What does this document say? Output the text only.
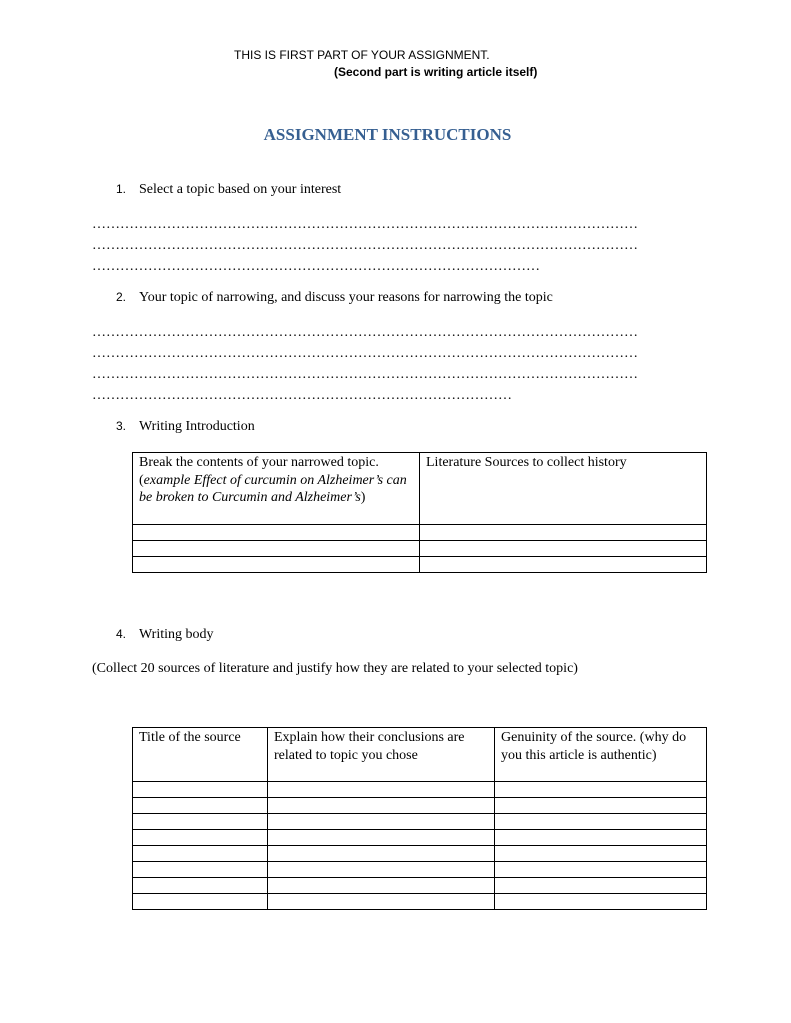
THIS IS FIRST PART OF YOUR ASSIGNMENT.
(Second part is writing article itself)
ASSIGNMENT INSTRUCTIONS
1. Select a topic based on your interest
………………………………………………………………………………………………………
………………………………………………………………………………………………………
……………………………………………………………………………………
2. Your topic of narrowing, and discuss your reasons for narrowing the topic
………………………………………………………………………………………………………
………………………………………………………………………………………………………
………………………………………………………………………………………………………
………………………………………………………………………………
3. Writing Introduction
Break the contents of your narrowed topic. (example Effect of curcumin on Alzheimer’s can be broken to Curcumin and Alzheimer’s)	Literature Sources to collect history

4. Writing body
(Collect 20 sources of literature and justify how they are related to your selected topic)
Title of the source	Explain how their conclusions are related to topic you chose	Genuinity of the source. (why do you this article is authentic)
